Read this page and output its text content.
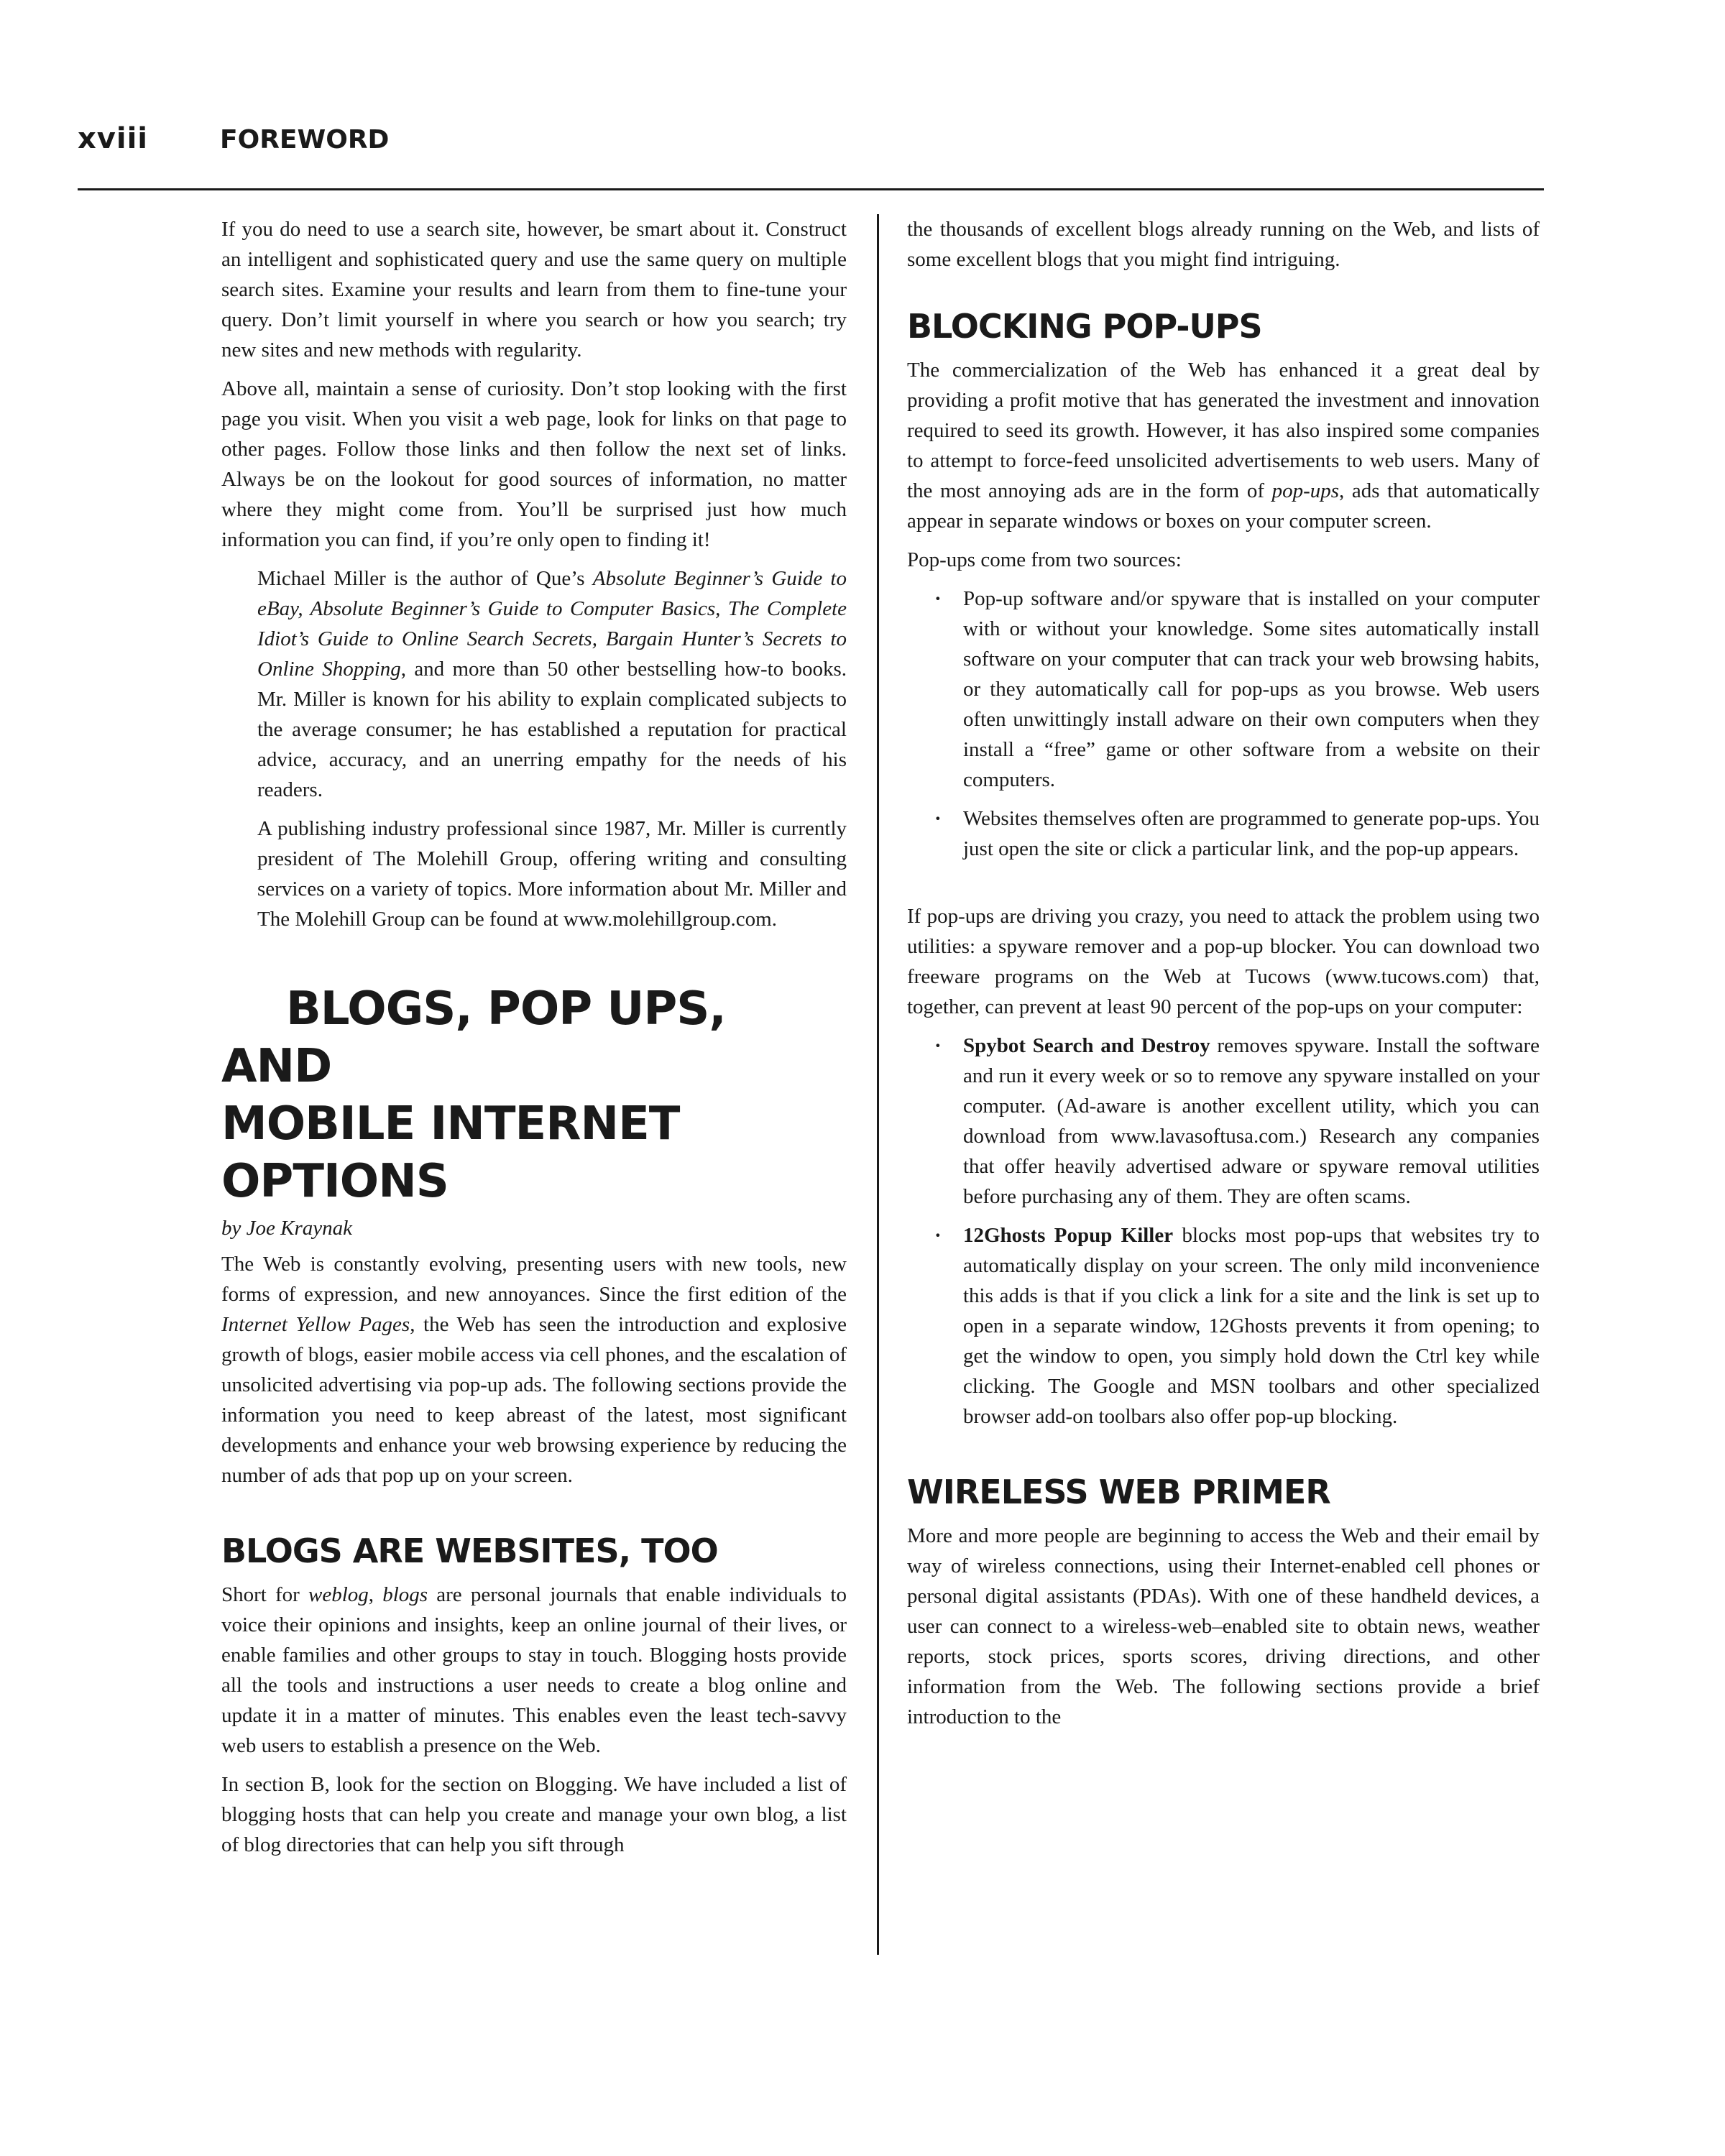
xviii	FOREWORD

If you do need to use a search site, however, be smart about it. Construct an intelligent and sophisticated query and use the same query on multiple search sites. Examine your results and learn from them to fine-tune your query. Don’t limit yourself in where you search or how you search; try new sites and new methods with regularity.

Above all, maintain a sense of curiosity. Don’t stop looking with the first page you visit. When you visit a web page, look for links on that page to other pages. Follow those links and then follow the next set of links. Always be on the lookout for good sources of information, no matter where they might come from. You’ll be surprised just how much information you can find, if you’re only open to finding it!

Michael Miller is the author of Que’s Absolute Beginner’s Guide to eBay, Absolute Beginner’s Guide to Computer Basics, The Complete Idiot’s Guide to Online Search Secrets, Bargain Hunter’s Secrets to Online Shopping, and more than 50 other bestselling how-to books. Mr. Miller is known for his ability to explain complicated subjects to the average consumer; he has established a reputation for practical advice, accuracy, and an unerring empathy for the needs of his readers.

A publishing industry professional since 1987, Mr. Miller is currently president of The Molehill Group, offering writing and consulting services on a variety of topics. More information about Mr. Miller and The Molehill Group can be found at www.molehillgroup.com.

BLOGS, POP UPS, AND
MOBILE INTERNET OPTIONS

by Joe Kraynak

The Web is constantly evolving, presenting users with new tools, new forms of expression, and new annoyances. Since the first edition of the Internet Yellow Pages, the Web has seen the introduction and explosive growth of blogs, easier mobile access via cell phones, and the escalation of unsolicited advertising via pop-up ads. The following sections provide the information you need to keep abreast of the latest, most significant developments and enhance your web browsing experience by reducing the number of ads that pop up on your screen.

BLOGS ARE WEBSITES, TOO

Short for weblog, blogs are personal journals that enable individuals to voice their opinions and insights, keep an online journal of their lives, or enable families and other groups to stay in touch. Blogging hosts provide all the tools and instructions a user needs to create a blog online and update it in a matter of minutes. This enables even the least tech-savvy web users to establish a presence on the Web.

In section B, look for the section on Blogging. We have included a list of blogging hosts that can help you create and manage your own blog, a list of blog directories that can help you sift through

the thousands of excellent blogs already running on the Web, and lists of some excellent blogs that you might find intriguing.

BLOCKING POP-UPS

The commercialization of the Web has enhanced it a great deal by providing a profit motive that has generated the investment and innovation required to seed its growth. However, it has also inspired some companies to attempt to force-feed unsolicited advertisements to web users. Many of the most annoying ads are in the form of pop-ups, ads that automatically appear in separate windows or boxes on your computer screen.

Pop-ups come from two sources:

· Pop-up software and/or spyware that is installed on your computer with or without your knowledge. Some sites automatically install software on your computer that can track your web browsing habits, or they automatically call for pop-ups as you browse. Web users often unwittingly install adware on their own computers when they install a “free” game or other software from a website on their computers.
· Websites themselves often are programmed to generate pop-ups. You just open the site or click a particular link, and the pop-up appears.

If pop-ups are driving you crazy, you need to attack the problem using two utilities: a spyware remover and a pop-up blocker. You can download two freeware programs on the Web at Tucows (www.tucows.com) that, together, can prevent at least 90 percent of the pop-ups on your computer:

· Spybot Search and Destroy removes spyware. Install the software and run it every week or so to remove any spyware installed on your computer. (Ad-aware is another excellent utility, which you can download from www.lavasoftusa.com.) Research any companies that offer heavily advertised adware or spyware removal utilities before purchasing any of them. They are often scams.
· 12Ghosts Popup Killer blocks most pop-ups that websites try to automatically display on your screen. The only mild inconvenience this adds is that if you click a link for a site and the link is set up to open in a separate window, 12Ghosts prevents it from opening; to get the window to open, you simply hold down the Ctrl key while clicking. The Google and MSN toolbars and other specialized browser add-on toolbars also offer pop-up blocking.
WIRELESS WEB PRIMER

More and more people are beginning to access the Web and their email by way of wireless connections, using their Internet-enabled cell phones or personal digital assistants (PDAs). With one of these handheld devices, a user can connect to a wireless-web–enabled site to obtain news, weather reports, stock prices, sports scores, driving directions, and other information from the Web. The following sections provide a brief introduction to the
